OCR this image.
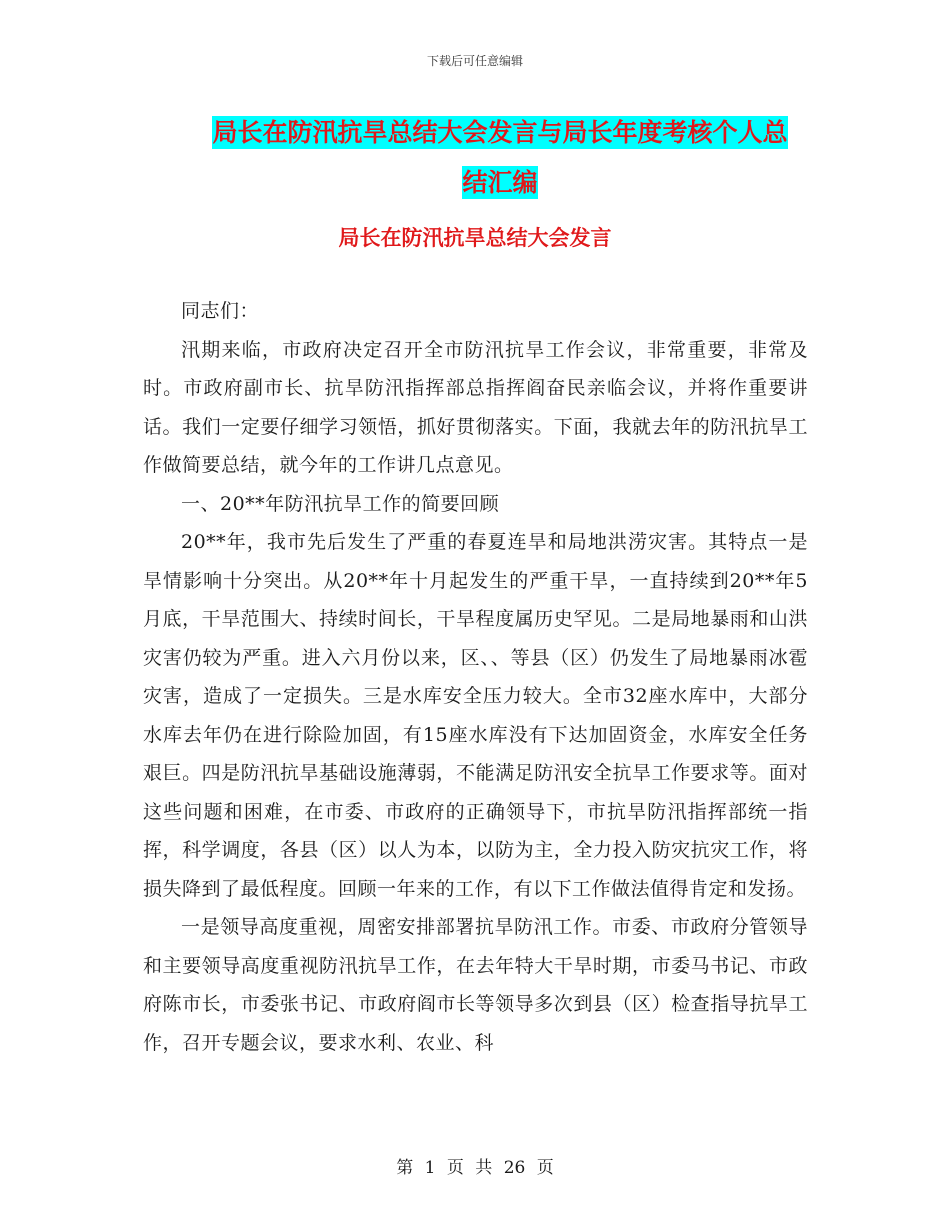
下载后可任意编辑
局长在防汛抗旱总结大会发言与局长年度考核个人总
结汇编
局长在防汛抗旱总结大会发言

同志们：

汛期来临，市政府决定召开全市防汛抗旱工作会议，非常重要，非常及时。市政府副市长、抗旱防汛指挥部总指挥阎奋民亲临会议，并将作重要讲话。我们一定要仔细学习领悟，抓好贯彻落实。下面，我就去年的防汛抗旱工作做简要总结，就今年的工作讲几点意见。

一、20**年防汛抗旱工作的简要回顾

20**年，我市先后发生了严重的春夏连旱和局地洪涝灾害。其特点一是旱情影响十分突出。从20**年十月起发生的严重干旱，一直持续到20**年5月底，干旱范围大、持续时间长，干旱程度属历史罕见。二是局地暴雨和山洪灾害仍较为严重。进入六月份以来，区、、等县（区）仍发生了局地暴雨冰雹灾害，造成了一定损失。三是水库安全压力较大。全市32座水库中，大部分水库去年仍在进行除险加固，有15座水库没有下达加固资金，水库安全任务艰巨。四是防汛抗旱基础设施薄弱，不能满足防汛安全抗旱工作要求等。面对这些问题和困难，在市委、市政府的正确领导下，市抗旱防汛指挥部统一指挥，科学调度，各县（区）以人为本，以防为主，全力投入防灾抗灾工作，将损失降到了最低程度。回顾一年来的工作，有以下工作做法值得肯定和发扬。

一是领导高度重视，周密安排部署抗旱防汛工作。市委、市政府分管领导和主要领导高度重视防汛抗旱工作，在去年特大干旱时期，市委马书记、市政府陈市长，市委张书记、市政府阎市长等领导多次到县（区）检查指导抗旱工作，召开专题会议，要求水利、农业、科

第 1 页 共 26 页
